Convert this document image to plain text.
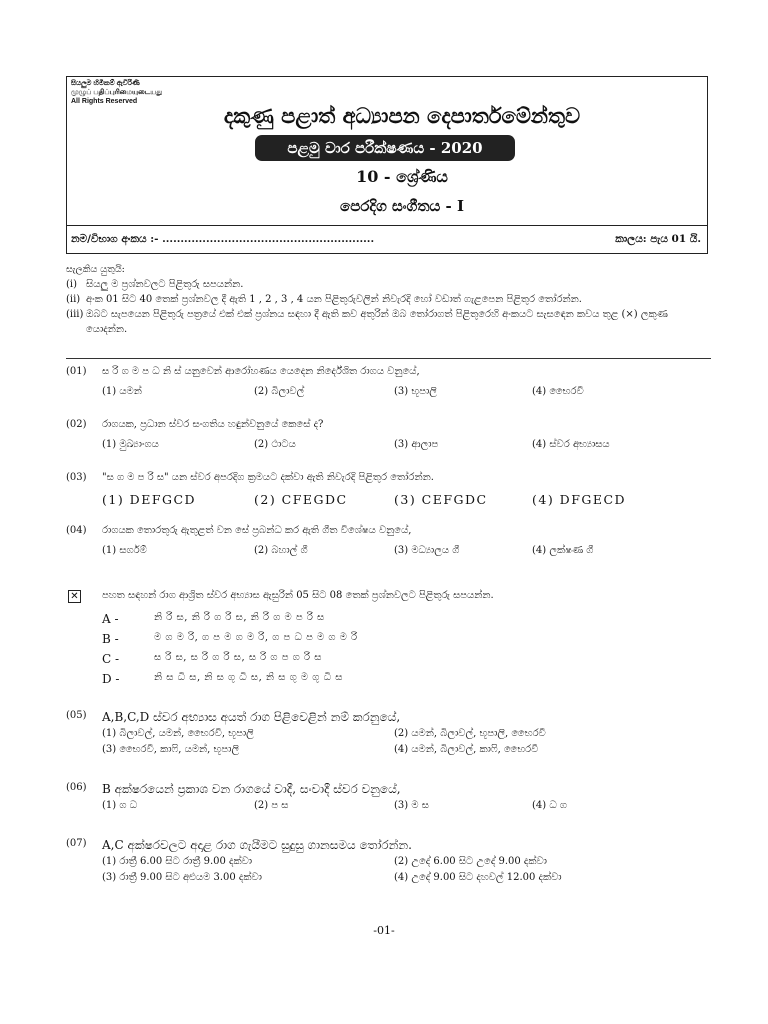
සියලුම හිමිකම් ඇවිරිණි
முழுப் பதிப்புரிமையுடையது
All Rights Reserved
දකුණු පළාත් අධ්‍යාපන දෙපාර්තමේන්තුව
පළමු වාර පරීක්ෂණය - 2020
10 - ශ්‍රේණිය
පෙරදිග සංගීතය - I
නම/විභාග අංකය :- ..........................................................	කාලය: පැය 01 යි.
සැලකිය යුතුයි:
(i) සියලු ම ප්‍රශ්නවලට පිළිතුරු සපයන්න.
(ii) අංක 01 සිට 40 තෙක් ප්‍රශ්නවල දී ඇති 1 , 2 , 3 , 4 යන පිළිතුරුවලින් නිවැරදි හෝ වඩාත් ගැළපෙන පිළිතුර තෝරන්න.
(iii) ඔබට සැපයෙන පිළිතුරු පත්‍රයේ එක් එක් ප්‍රශ්නය සඳහා දී ඇති කව අතුරින් ඔබ තෝරාගත් පිළිතුරෙහි අංකයට සැසඳෙන කවය තුළ (×) ලකුණ යොදන්න.
(01) ස රි ග ම ප ධ නි ස් යනුවෙන් ආරෝහණය යෙදෙන නිර්දේශිත රාගය වනුයේ,
(1) යමන්	(2) බිලාවල්	(3) භූපාලි	(4) භෛරවී
(02) රාගයක, ප්‍රධාන ස්වර සංගතිය හඳුන්වනුයේ කෙසේ ද?
(1) මුඛ්‍යාංගය	(2) ථාටය	(3) ආලාප	(4) ස්වර අභ්‍යාසය
(03) "ස ග ම ප රි ස" යන ස්වර අපරදිග ක්‍රමයට දක්වා ඇති නිවැරදි පිළිතුර තෝරන්න.
(1) DEFGCD	(2) CFEGDC	(3) CEFGDC	(4) DFGECD
(04) රාගයක තොරතුරු ඇතුළත් වන සේ ප්‍රබන්ධ කර ඇති ගීත විශේෂය වනුයේ,
(1) සර්ගම්	(2) බහාල් ගී	(3) මධ්‍යාලය ගී	(4) ලක්ෂණ ගී
✕ පහත සඳහන් රාග ආශ්‍රිත ස්වර අභ්‍යාස ඇසුරින් 05 සිට 08 තෙක් ප්‍රශ්නවලට පිළිතුරු සපයන්න.
A -	නි රි ස, නි රි ග රි ස, නි රි ග ම ප රි ස
B -	ම ග ම රි, ග ප ම ග ම රි, ග ප ධ ප ම ග ම රි
C -	ස රි ස, ස රි ග රි ස, ස රි ග ප ග රි ස
D -	නි ස ධි ස, නි ස ගු ධි ස, නි ස ගු ම ගු ධි ස
(05) A,B,C,D ස්වර අභ්‍යාස අයත් රාග පිළිවෙළින් නම් කරනුයේ,
(1) බිලාවල්, යමන්, භෛරවී, භූපාලි	(2) යමන්, බිලාවල්, භූපාලි, භෛරවී
(3) භෛරවී, කාෆි, යමන්, භූපාලි	(4) යමන්, බිලාවල්, කාෆි, භෛරවී
(06) B අක්ෂරයෙන් ප්‍රකාශ වන රාගයේ වාදී, සංවාදී ස්වර වනුයේ,
(1) ග ධ	(2) ප ස	(3) ම ස	(4) ධ ග
(07) A,C අක්ෂරවලට අදාළ රාග ගැයීමට සුදුසු ගානසමය තෝරන්න.
(1) රාත්‍රී 6.00 සිට රාත්‍රී 9.00 දක්වා	(2) උදේ 6.00 සිට උදේ 9.00 දක්වා
(3) රාත්‍රී 9.00 සිට අළුයම 3.00 දක්වා	(4) උදේ 9.00 සිට දහවල් 12.00 දක්වා
-01-
